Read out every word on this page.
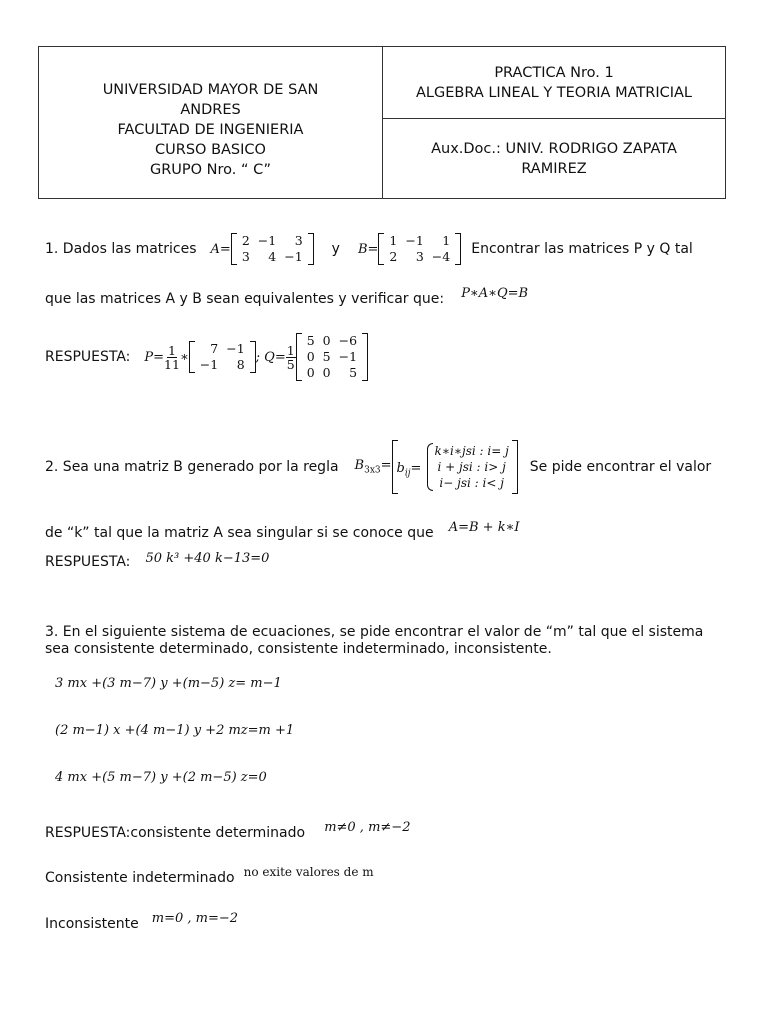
UNIVERSIDAD MAYOR DE SAN ANDRES
FACULTAD DE INGENIERIA
CURSO BASICO
GRUPO Nro. “ C”
PRACTICA Nro. 1
ALGEBRA LINEAL Y TEORIA MATRICIAL
Aux.Doc.: UNIV. RODRIGO ZAPATA RAMIREZ
1. Dados las matrices A=
2	−1	3
3	4	−1 y B=
1	−1	1
2	3	−4 Encontrar las matrices P y Q tal
que las matrices A y B sean equivalentes y verificar que: $^{P∗A∗Q=B}$
RESPUESTA: $P= \frac{1}{11}$ ∗
7	−1
−1	8 ; $Q= \frac{1}{5}$
5	0	−6
0	5	−1
0	0	5
2. Sea una matriz B generado por la regla $B_{3x3}= b_{ij}=$
k∗i∗jsi : i= j
i + jsi : i> j
i− jsi : i< j
Se pide encontrar el valor
de “k” tal que la matriz A sea singular si se conoce que $^{A=B + k∗I}$
RESPUESTA: $^{50 k^3 +40 k-13=0}$
3. En el siguiente sistema de ecuaciones, se pide encontrar el valor de “m” tal que el sistema sea consistente determinado, consistente indeterminado, inconsistente.
3 mx +(3 m−7) y +(m−5) z= m−1
(2 m−1) x +(4 m−1) y +2 mz=m +1
4 mx +(5 m−7) y +(2 m−5) z=0
RESPUESTA:consistente determinado $^{m\ne 0 , m\ne-2}$
Consistente indeterminado $^{no exite valores de m}$
Inconsistente $^{m=0 , m=-2}$
